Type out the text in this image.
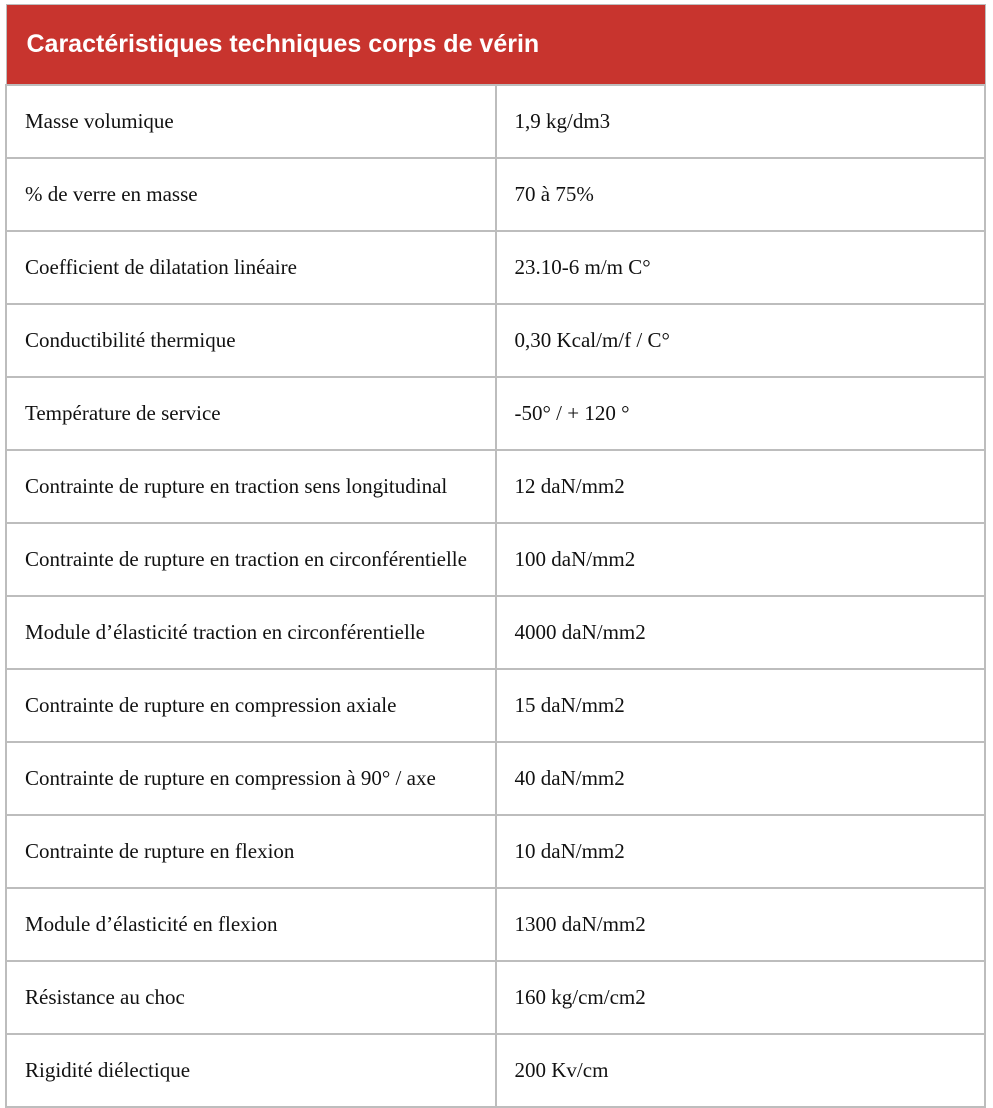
Caractéristiques techniques corps de vérin	
Masse volumique	1,9 kg/dm3
% de verre en masse	70 à 75%
Coefficient de dilatation linéaire	23.10-6 m/m C°
Conductibilité thermique	0,30 Kcal/m/f / C°
Température de service	-50° / + 120 °
Contrainte de rupture en traction sens longitudinal	12 daN/mm2
Contrainte de rupture en traction en circonférentielle	100 daN/mm2
Module d’élasticité traction en circonférentielle	4000 daN/mm2
Contrainte de rupture en compression axiale	15 daN/mm2
Contrainte de rupture en compression à 90° / axe	40 daN/mm2
Contrainte de rupture en flexion	10 daN/mm2
Module d’élasticité en flexion	1300 daN/mm2
Résistance au choc	160 kg/cm/cm2
Rigidité diélectique	200 Kv/cm
